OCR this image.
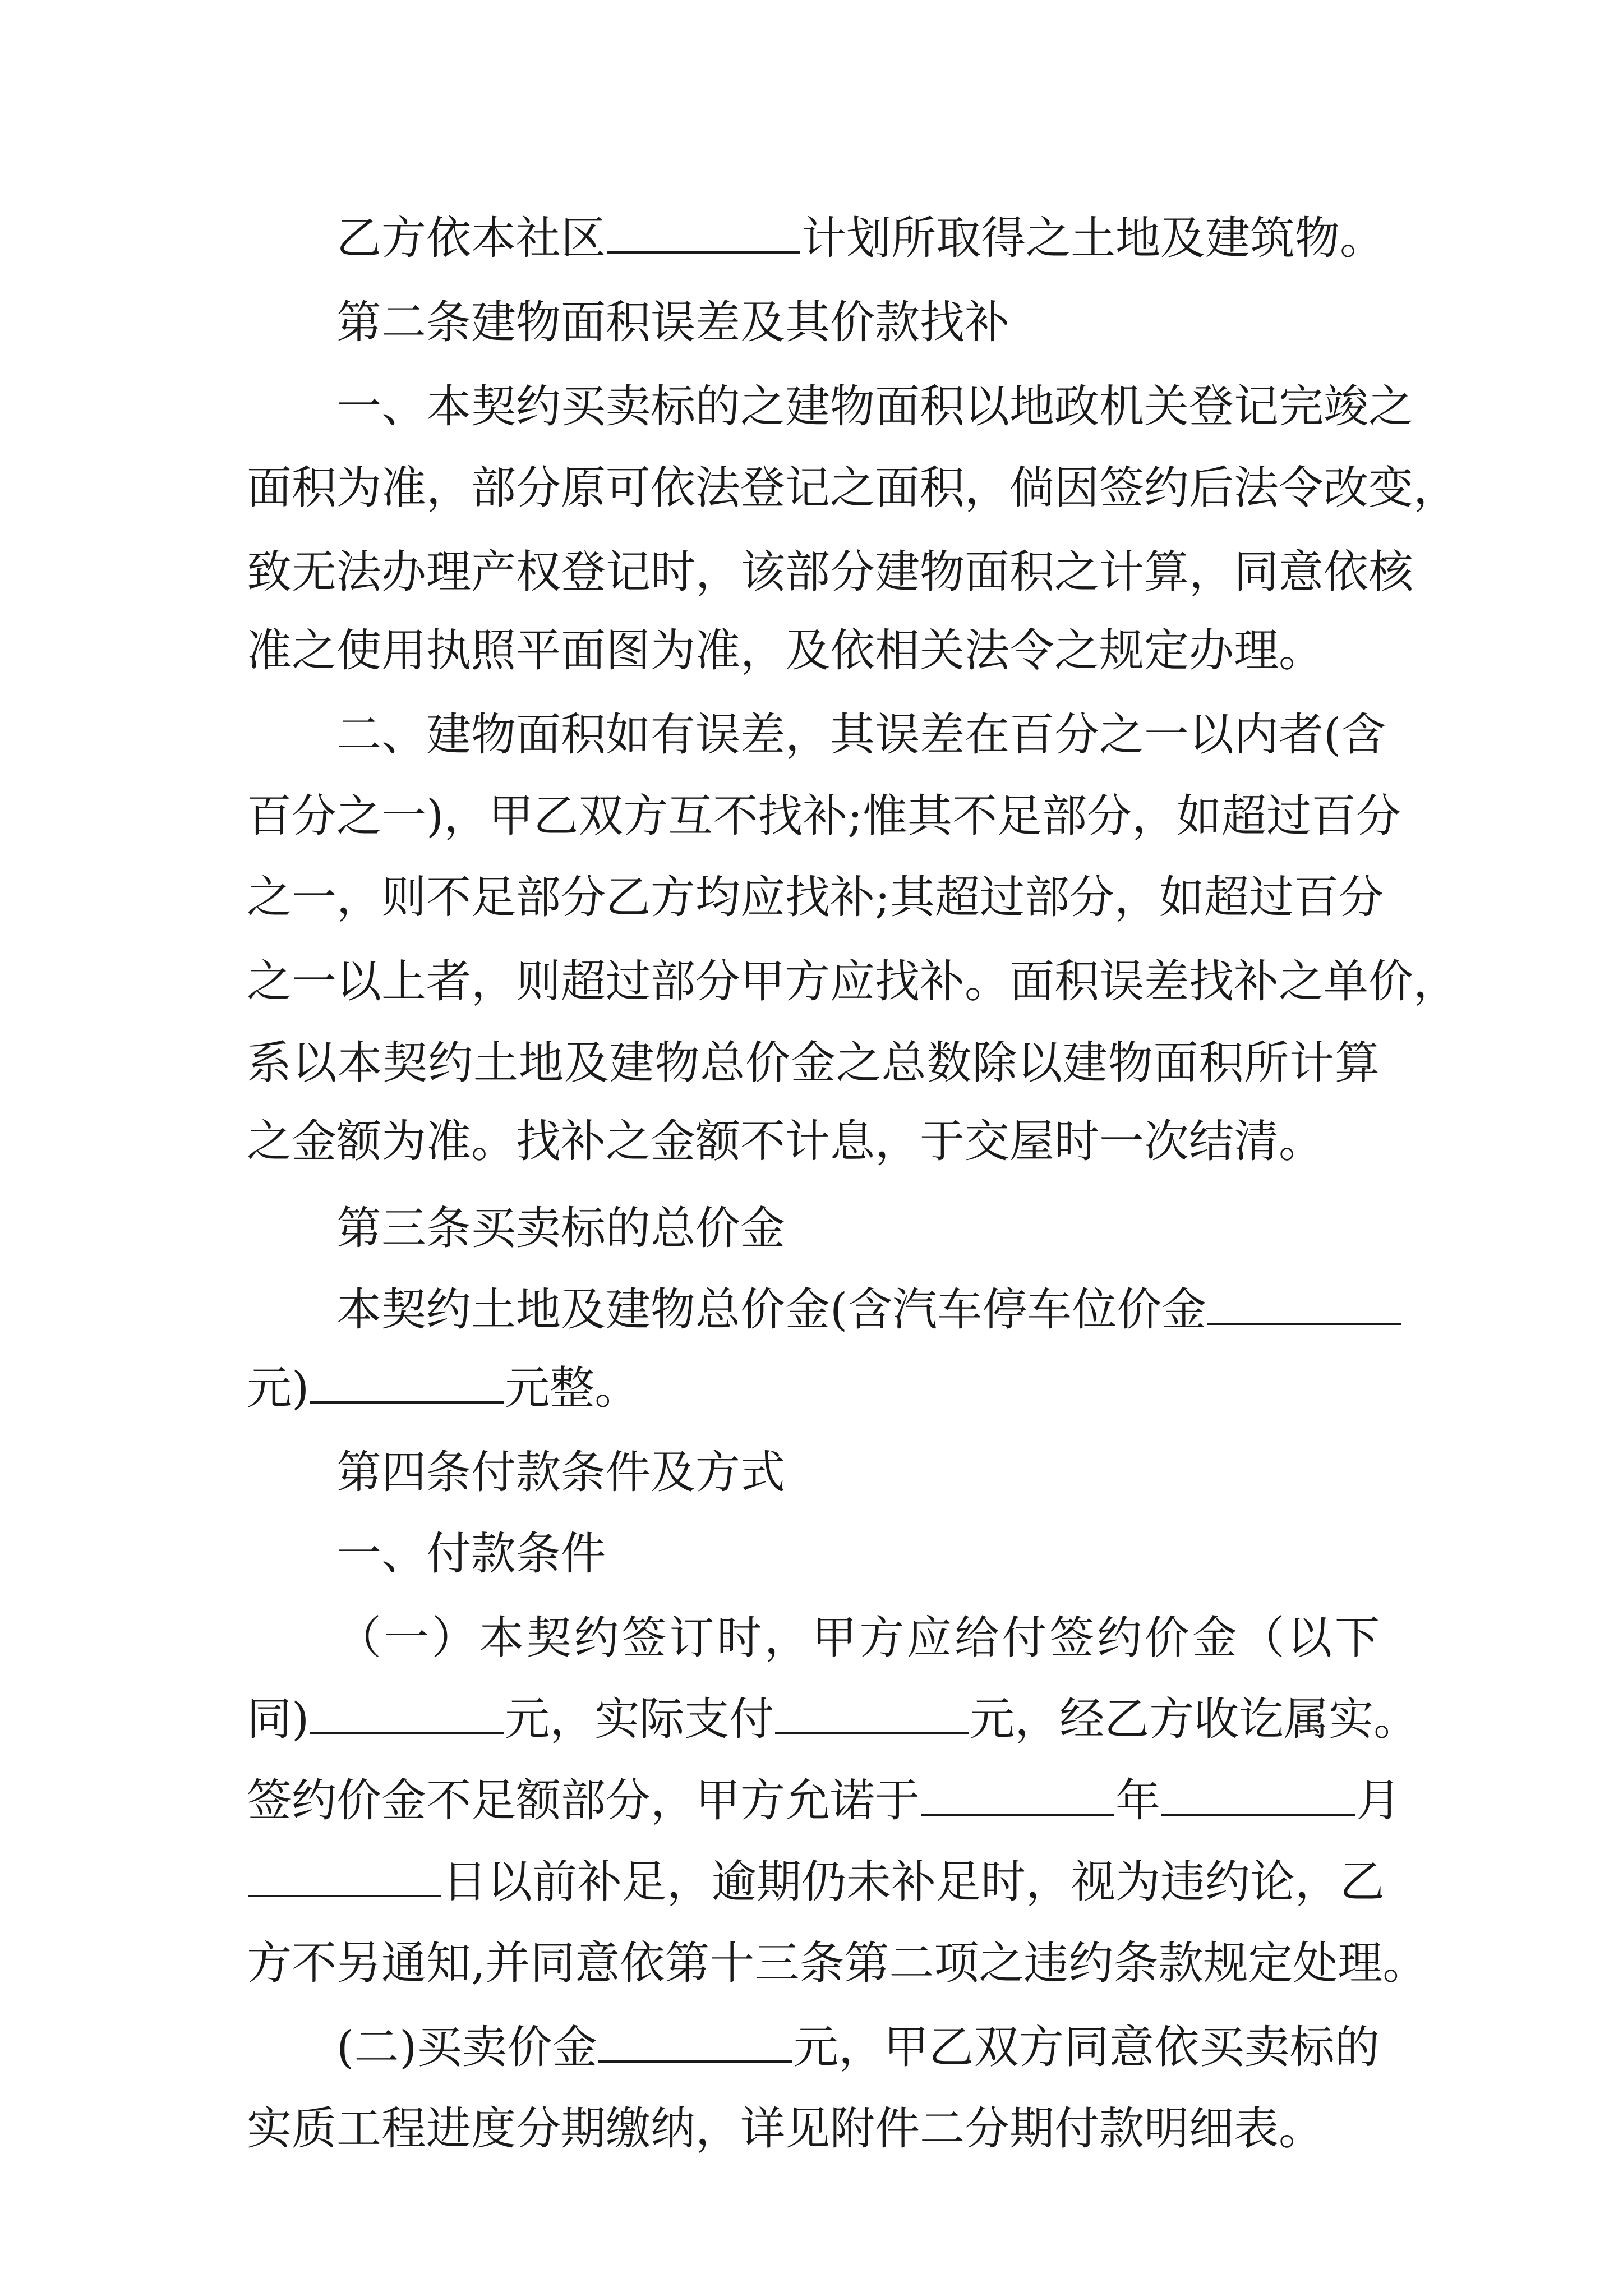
乙方依本社区	计划所取得之土地及建筑物。
第二条建物面积误差及其价款找补
一、本契约买卖标的之建物面积以地政机关登记完竣之
面积为准，部分原可依法登记之面积，倘因签约后法令改变，
致无法办理产权登记时，该部分建物面积之计算，同意依核
准之使用执照平面图为准，及依相关法令之规定办理。
二、建物面积如有误差，其误差在百分之一以内者(含
百分之一)，甲乙双方互不找补;惟其不足部分，如超过百分
之一，则不足部分乙方均应找补;其超过部分，如超过百分
之一以上者，则超过部分甲方应找补。面积误差找补之单价，
系以本契约土地及建物总价金之总数除以建物面积所计算
之金额为准。找补之金额不计息，于交屋时一次结清。
第三条买卖标的总价金
本契约土地及建物总价金(含汽车停车位价金
元)	元整。
第四条付款条件及方式
一、付款条件
（一）本契约签订时，甲方应给付签约价金（以下
同)	元，实际支付	元，经乙方收讫属实。
签约价金不足额部分，甲方允诺于	年	月
日以前补足，逾期仍未补足时，视为违约论，乙
方不另通知,并同意依第十三条第二项之违约条款规定处理。
(二)买卖价金	元，甲乙双方同意依买卖标的
实质工程进度分期缴纳，详见附件二分期付款明细表。
